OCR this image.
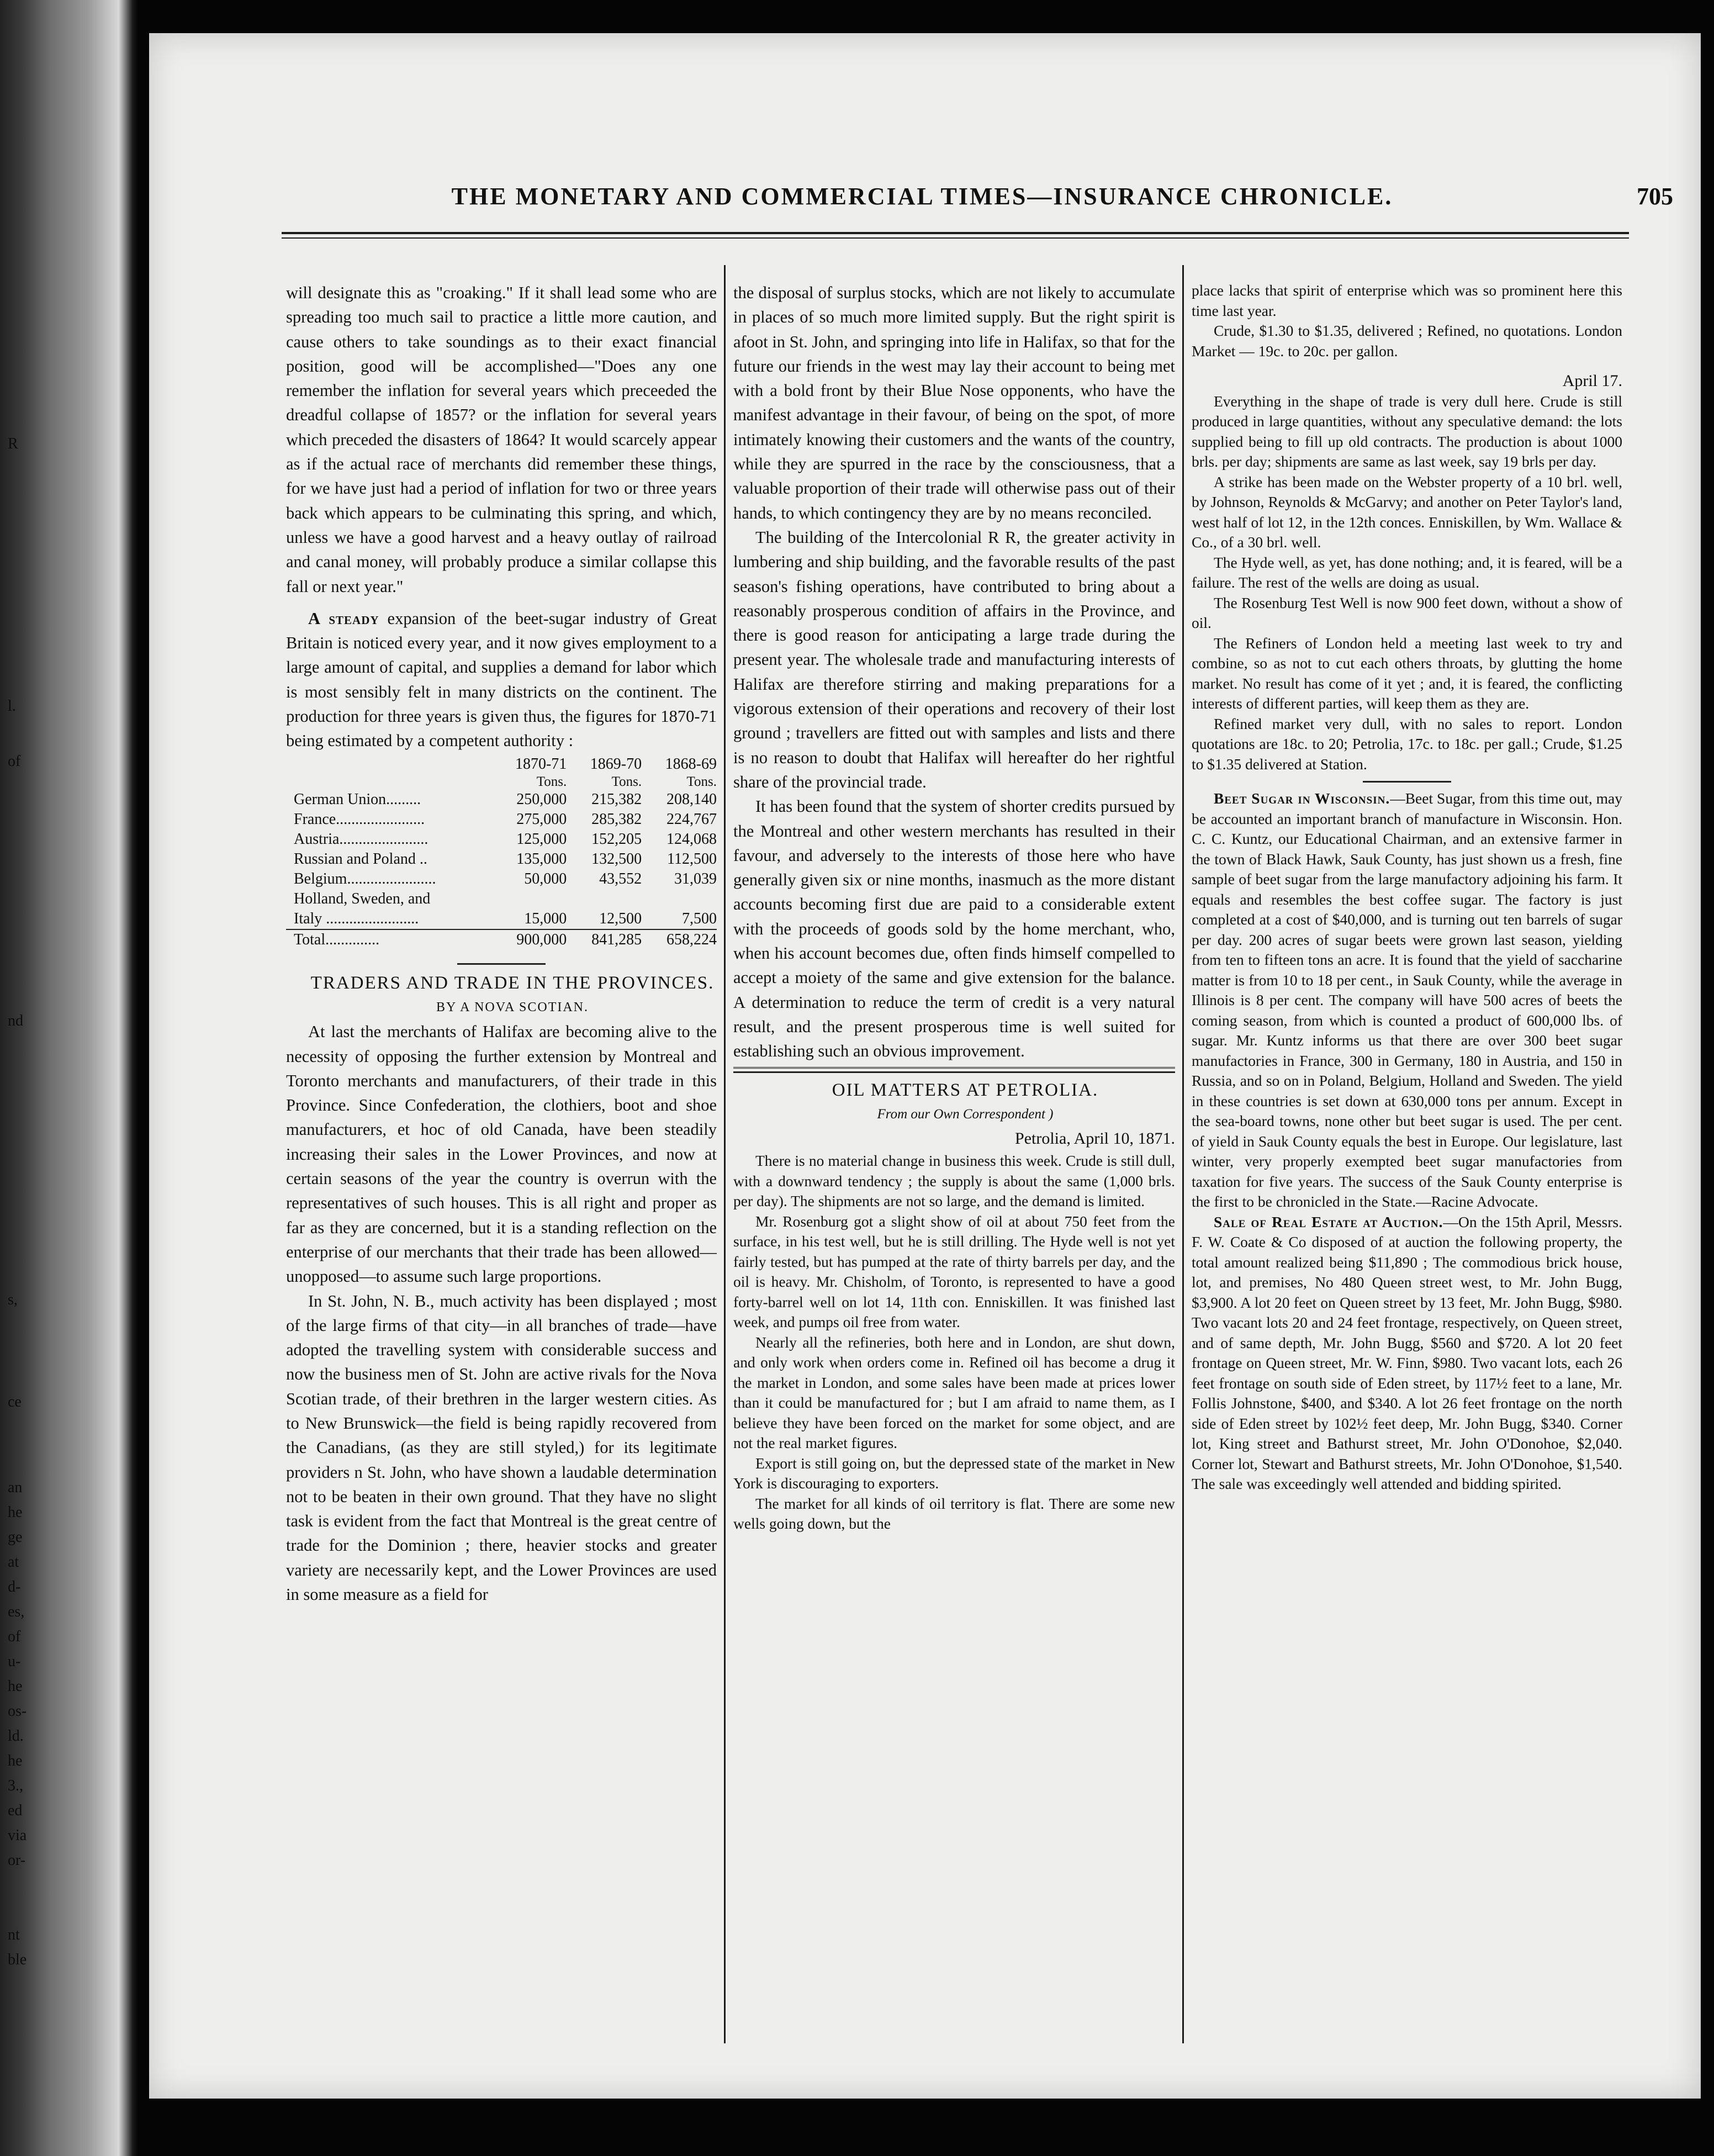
R
l.
of
nd
s,
ce
an
he
ge
at
d-
es,
of
u-
he
os-
ld.
he
3.,
ed
via
or-
nt
ble
THE MONETARY AND COMMERCIAL TIMES—INSURANCE CHRONICLE.	705

will designate this as "croaking." If it shall lead some who are spreading too much sail to practice a little more caution, and cause others to take soundings as to their exact financial position, good will be accomplished—"Does any one remember the inflation for several years which preceeded the dreadful collapse of 1857? or the inflation for several years which preceded the disasters of 1864? It would scarcely appear as if the actual race of merchants did remember these things, for we have just had a period of inflation for two or three years back which appears to be culminating this spring, and which, unless we have a good harvest and a heavy outlay of railroad and canal money, will probably produce a similar collapse this fall or next year."

A steady expansion of the beet-sugar industry of Great Britain is noticed every year, and it now gives employment to a large amount of capital, and supplies a demand for labor which is most sensibly felt in many districts on the continent. The production for three years is given thus, the figures for 1870-71 being estimated by a competent authority :

	1870-71	1869-70	1868-69
	Tons.	Tons.	Tons.
German Union.........	250,000	215,382	208,140
France.......................	275,000	285,382	224,767
Austria.......................	125,000	152,205	124,068
Russian and Poland ..	135,000	132,500	112,500
Belgium.......................	50,000	43,552	31,039
Holland, Sweden, and			
Italy ........................	15,000	12,500	7,500
Total..............	900,000	841,285	658,224

TRADERS AND TRADE IN THE PROVINCES.

BY A NOVA SCOTIAN.

At last the merchants of Halifax are becoming alive to the necessity of opposing the further extension by Montreal and Toronto merchants and manufacturers, of their trade in this Province. Since Confederation, the clothiers, boot and shoe manufacturers, et hoc of old Canada, have been steadily increasing their sales in the Lower Provinces, and now at certain seasons of the year the country is overrun with the representatives of such houses. This is all right and proper as far as they are concerned, but it is a standing reflection on the enterprise of our merchants that their trade has been allowed—unopposed—to assume such large proportions.

In St. John, N. B., much activity has been displayed ; most of the large firms of that city—in all branches of trade—have adopted the travelling system with considerable success and now the business men of St. John are active rivals for the Nova Scotian trade, of their brethren in the larger western cities. As to New Brunswick—the field is being rapidly recovered from the Canadians, (as they are still styled,) for its legitimate providers n St. John, who have shown a laudable determination not to be beaten in their own ground. That they have no slight task is evident from the fact that Montreal is the great centre of trade for the Dominion ; there, heavier stocks and greater variety are necessarily kept, and the Lower Provinces are used in some measure as a field for

the disposal of surplus stocks, which are not likely to accumulate in places of so much more limited supply. But the right spirit is afoot in St. John, and springing into life in Halifax, so that for the future our friends in the west may lay their account to being met with a bold front by their Blue Nose opponents, who have the manifest advantage in their favour, of being on the spot, of more intimately knowing their customers and the wants of the country, while they are spurred in the race by the consciousness, that a valuable proportion of their trade will otherwise pass out of their hands, to which contingency they are by no means reconciled.

The building of the Intercolonial R R, the greater activity in lumbering and ship building, and the favorable results of the past season's fishing operations, have contributed to bring about a reasonably prosperous condition of affairs in the Province, and there is good reason for anticipating a large trade during the present year. The wholesale trade and manufacturing interests of Halifax are therefore stirring and making preparations for a vigorous extension of their operations and recovery of their lost ground ; travellers are fitted out with samples and lists and there is no reason to doubt that Halifax will hereafter do her rightful share of the provincial trade.

It has been found that the system of shorter credits pursued by the Montreal and other western merchants has resulted in their favour, and adversely to the interests of those here who have generally given six or nine months, inasmuch as the more distant accounts becoming first due are paid to a considerable extent with the proceeds of goods sold by the home merchant, who, when his account becomes due, often finds himself compelled to accept a moiety of the same and give extension for the balance. A determination to reduce the term of credit is a very natural result, and the present prosperous time is well suited for establishing such an obvious improvement.

OIL MATTERS AT PETROLIA.

From our Own Correspondent )

Petrolia, April 10, 1871.

There is no material change in business this week. Crude is still dull, with a downward tendency ; the supply is about the same (1,000 brls. per day). The shipments are not so large, and the demand is limited.

Mr. Rosenburg got a slight show of oil at about 750 feet from the surface, in his test well, but he is still drilling. The Hyde well is not yet fairly tested, but has pumped at the rate of thirty barrels per day, and the oil is heavy. Mr. Chisholm, of Toronto, is represented to have a good forty-barrel well on lot 14, 11th con. Enniskillen. It was finished last week, and pumps oil free from water.

Nearly all the refineries, both here and in London, are shut down, and only work when orders come in. Refined oil has become a drug it the market in London, and some sales have been made at prices lower than it could be manufactured for ; but I am afraid to name them, as I believe they have been forced on the market for some object, and are not the real market figures.

Export is still going on, but the depressed state of the market in New York is discouraging to exporters.

The market for all kinds of oil territory is flat. There are some new wells going down, but the

place lacks that spirit of enterprise which was so prominent here this time last year.

Crude, $1.30 to $1.35, delivered ; Refined, no quotations. London Market — 19c. to 20c. per gallon.

April 17.

Everything in the shape of trade is very dull here. Crude is still produced in large quantities, without any speculative demand: the lots supplied being to fill up old contracts. The production is about 1000 brls. per day; shipments are same as last week, say 19 brls per day.

A strike has been made on the Webster property of a 10 brl. well, by Johnson, Reynolds & McGarvy; and another on Peter Taylor's land, west half of lot 12, in the 12th conces. Enniskillen, by Wm. Wallace & Co., of a 30 brl. well.

The Hyde well, as yet, has done nothing; and, it is feared, will be a failure. The rest of the wells are doing as usual.

The Rosenburg Test Well is now 900 feet down, without a show of oil.

The Refiners of London held a meeting last week to try and combine, so as not to cut each others throats, by glutting the home market. No result has come of it yet ; and, it is feared, the conflicting interests of different parties, will keep them as they are.

Refined market very dull, with no sales to report. London quotations are 18c. to 20; Petrolia, 17c. to 18c. per gall.; Crude, $1.25 to $1.35 delivered at Station.

Beet Sugar in Wisconsin.—Beet Sugar, from this time out, may be accounted an important branch of manufacture in Wisconsin. Hon. C. C. Kuntz, our Educational Chairman, and an extensive farmer in the town of Black Hawk, Sauk County, has just shown us a fresh, fine sample of beet sugar from the large manufactory adjoining his farm. It equals and resembles the best coffee sugar. The factory is just completed at a cost of $40,000, and is turning out ten barrels of sugar per day. 200 acres of sugar beets were grown last season, yielding from ten to fifteen tons an acre. It is found that the yield of saccharine matter is from 10 to 18 per cent., in Sauk County, while the average in Illinois is 8 per cent. The company will have 500 acres of beets the coming season, from which is counted a product of 600,000 lbs. of sugar. Mr. Kuntz informs us that there are over 300 beet sugar manufactories in France, 300 in Germany, 180 in Austria, and 150 in Russia, and so on in Poland, Belgium, Holland and Sweden. The yield in these countries is set down at 630,000 tons per annum. Except in the sea-board towns, none other but beet sugar is used. The per cent. of yield in Sauk County equals the best in Europe. Our legislature, last winter, very properly exempted beet sugar manufactories from taxation for five years. The success of the Sauk County enterprise is the first to be chronicled in the State.—Racine Advocate.

Sale of Real Estate at Auction.—On the 15th April, Messrs. F. W. Coate & Co disposed of at auction the following property, the total amount realized being $11,890 ; The commodious brick house, lot, and premises, No 480 Queen street west, to Mr. John Bugg, $3,900. A lot 20 feet on Queen street by 13 feet, Mr. John Bugg, $980. Two vacant lots 20 and 24 feet frontage, respectively, on Queen street, and of same depth, Mr. John Bugg, $560 and $720. A lot 20 feet frontage on Queen street, Mr. W. Finn, $980. Two vacant lots, each 26 feet frontage on south side of Eden street, by 117½ feet to a lane, Mr. Follis Johnstone, $400, and $340. A lot 26 feet frontage on the north side of Eden street by 102½ feet deep, Mr. John Bugg, $340. Corner lot, King street and Bathurst street, Mr. John O'Donohoe, $2,040. Corner lot, Stewart and Bathurst streets, Mr. John O'Donohoe, $1,540. The sale was exceedingly well attended and bidding spirited.
